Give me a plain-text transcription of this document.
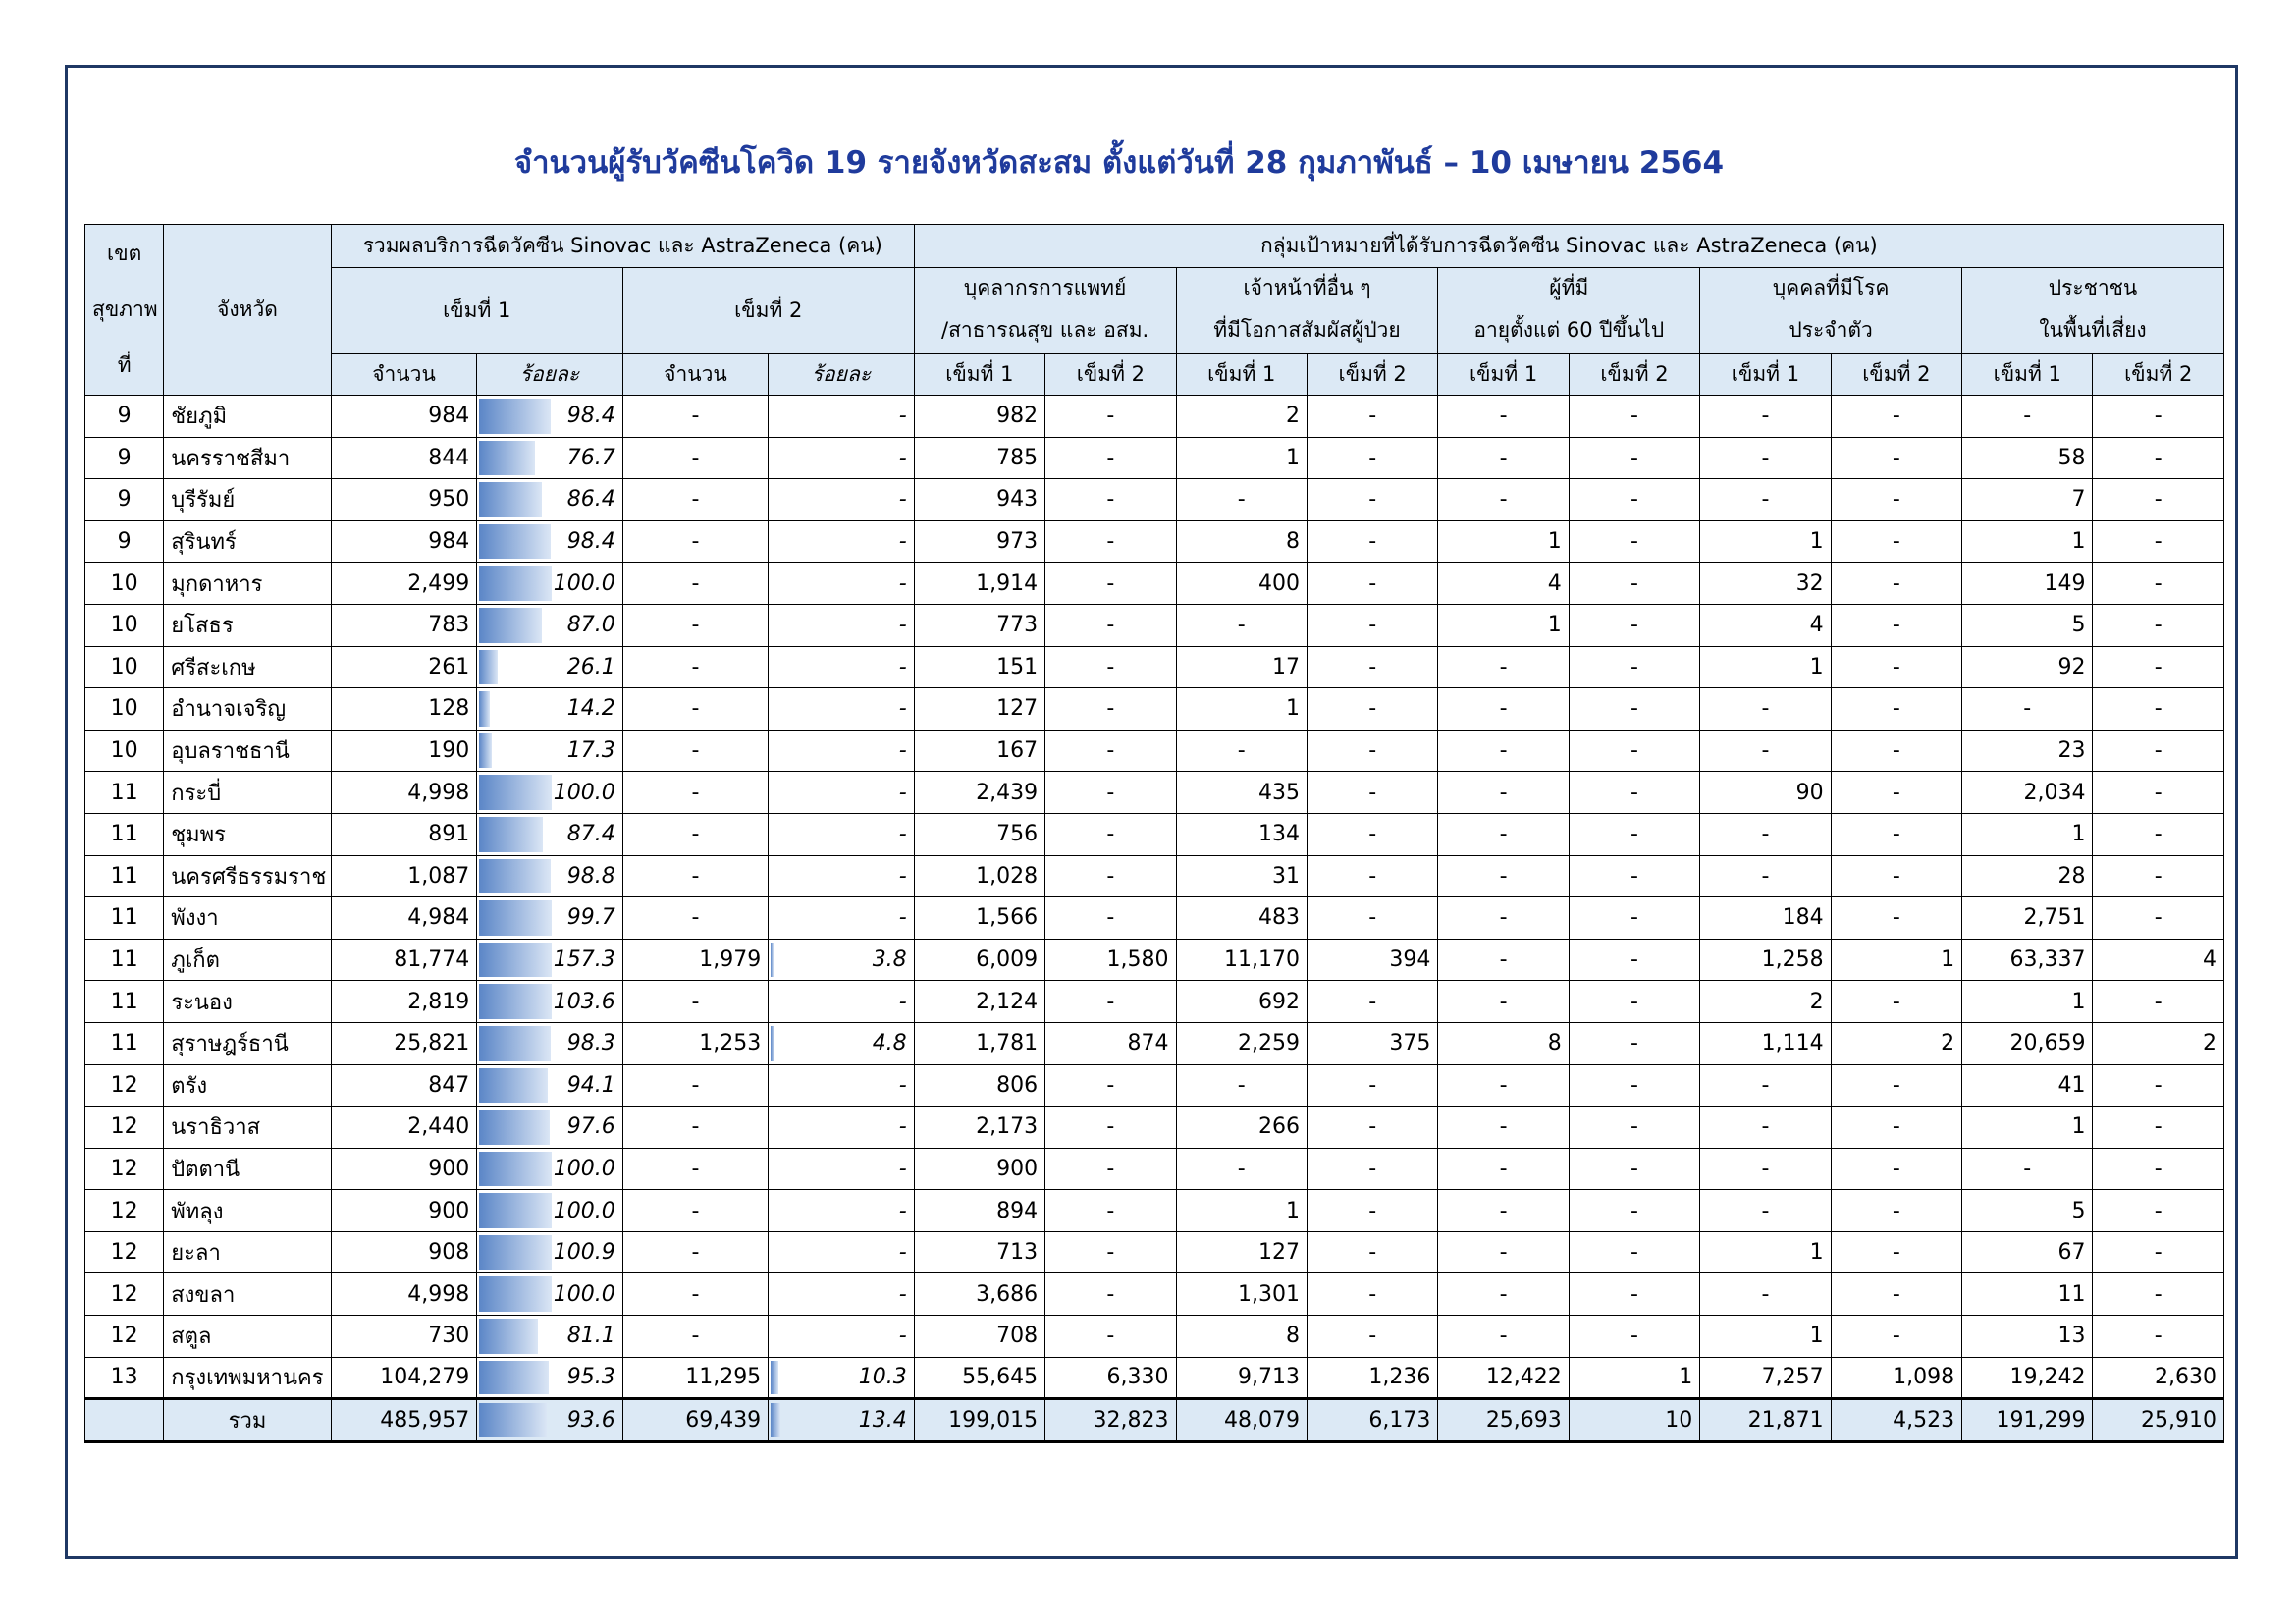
จำนวนผู้รับวัคซีนโควิด 19 รายจังหวัดสะสม ตั้งแต่วันที่ 28 กุมภาพันธ์ – 10 เมษายน 2564
เขต

สุขภาพ

ที่	จังหวัด	รวมผลบริการฉีดวัคซีน Sinovac และ AstraZeneca (คน)				กลุ่มเป้าหมายที่ได้รับการฉีดวัคซีน Sinovac และ AstraZeneca (คน)									
		เข็มที่ 1		เข็มที่ 2		บุคลากรการแพทย์
/สาธารณสุข และ อสม.		เจ้าหน้าที่อื่น ๆ
ที่มีโอกาสสัมผัสผู้ป่วย		ผู้ที่มี
อายุตั้งแต่ 60 ปีขึ้นไป		บุคคลที่มีโรค
ประจำตัว		ประชาชน
ในพื้นที่เสี่ยง	

		จำนวน	ร้อยละ	จำนวน	ร้อยละ	เข็มที่ 1	เข็มที่ 2	เข็มที่ 1	เข็มที่ 2	เข็มที่ 1	เข็มที่ 2	เข็มที่ 1	เข็มที่ 2	เข็มที่ 1	เข็มที่ 2
9	ชัยภูมิ	984	98.4	-	-	982	-	2	-	-	-	-	-	-	-
9	นครราชสีมา	844	76.7	-	-	785	-	1	-	-	-	-	-	58	-
9	บุรีรัมย์	950	86.4	-	-	943	-	-	-	-	-	-	-	7	-
9	สุรินทร์	984	98.4	-	-	973	-	8	-	1	-	1	-	1	-
10	มุกดาหาร	2,499	100.0	-	-	1,914	-	400	-	4	-	32	-	149	-
10	ยโสธร	783	87.0	-	-	773	-	-	-	1	-	4	-	5	-
10	ศรีสะเกษ	261	26.1	-	-	151	-	17	-	-	-	1	-	92	-
10	อำนาจเจริญ	128	14.2	-	-	127	-	1	-	-	-	-	-	-	-
10	อุบลราชธานี	190	17.3	-	-	167	-	-	-	-	-	-	-	23	-
11	กระบี่	4,998	100.0	-	-	2,439	-	435	-	-	-	90	-	2,034	-
11	ชุมพร	891	87.4	-	-	756	-	134	-	-	-	-	-	1	-
11	นครศรีธรรมราช	1,087	98.8	-	-	1,028	-	31	-	-	-	-	-	28	-
11	พังงา	4,984	99.7	-	-	1,566	-	483	-	-	-	184	-	2,751	-
11	ภูเก็ต	81,774	157.3	1,979	3.8	6,009	1,580	11,170	394	-	-	1,258	1	63,337	4
11	ระนอง	2,819	103.6	-	-	2,124	-	692	-	-	-	2	-	1	-
11	สุราษฎร์ธานี	25,821	98.3	1,253	4.8	1,781	874	2,259	375	8	-	1,114	2	20,659	2
12	ตรัง	847	94.1	-	-	806	-	-	-	-	-	-	-	41	-
12	นราธิวาส	2,440	97.6	-	-	2,173	-	266	-	-	-	-	-	1	-
12	ปัตตานี	900	100.0	-	-	900	-	-	-	-	-	-	-	-	-
12	พัทลุง	900	100.0	-	-	894	-	1	-	-	-	-	-	5	-
12	ยะลา	908	100.9	-	-	713	-	127	-	-	-	1	-	67	-
12	สงขลา	4,998	100.0	-	-	3,686	-	1,301	-	-	-	-	-	11	-
12	สตูล	730	81.1	-	-	708	-	8	-	-	-	1	-	13	-
13	กรุงเทพมหานคร	104,279	95.3	11,295	10.3	55,645	6,330	9,713	1,236	12,422	1	7,257	1,098	19,242	2,630
	รวม	485,957	93.6	69,439	13.4	199,015	32,823	48,079	6,173	25,693	10	21,871	4,523	191,299	25,910
